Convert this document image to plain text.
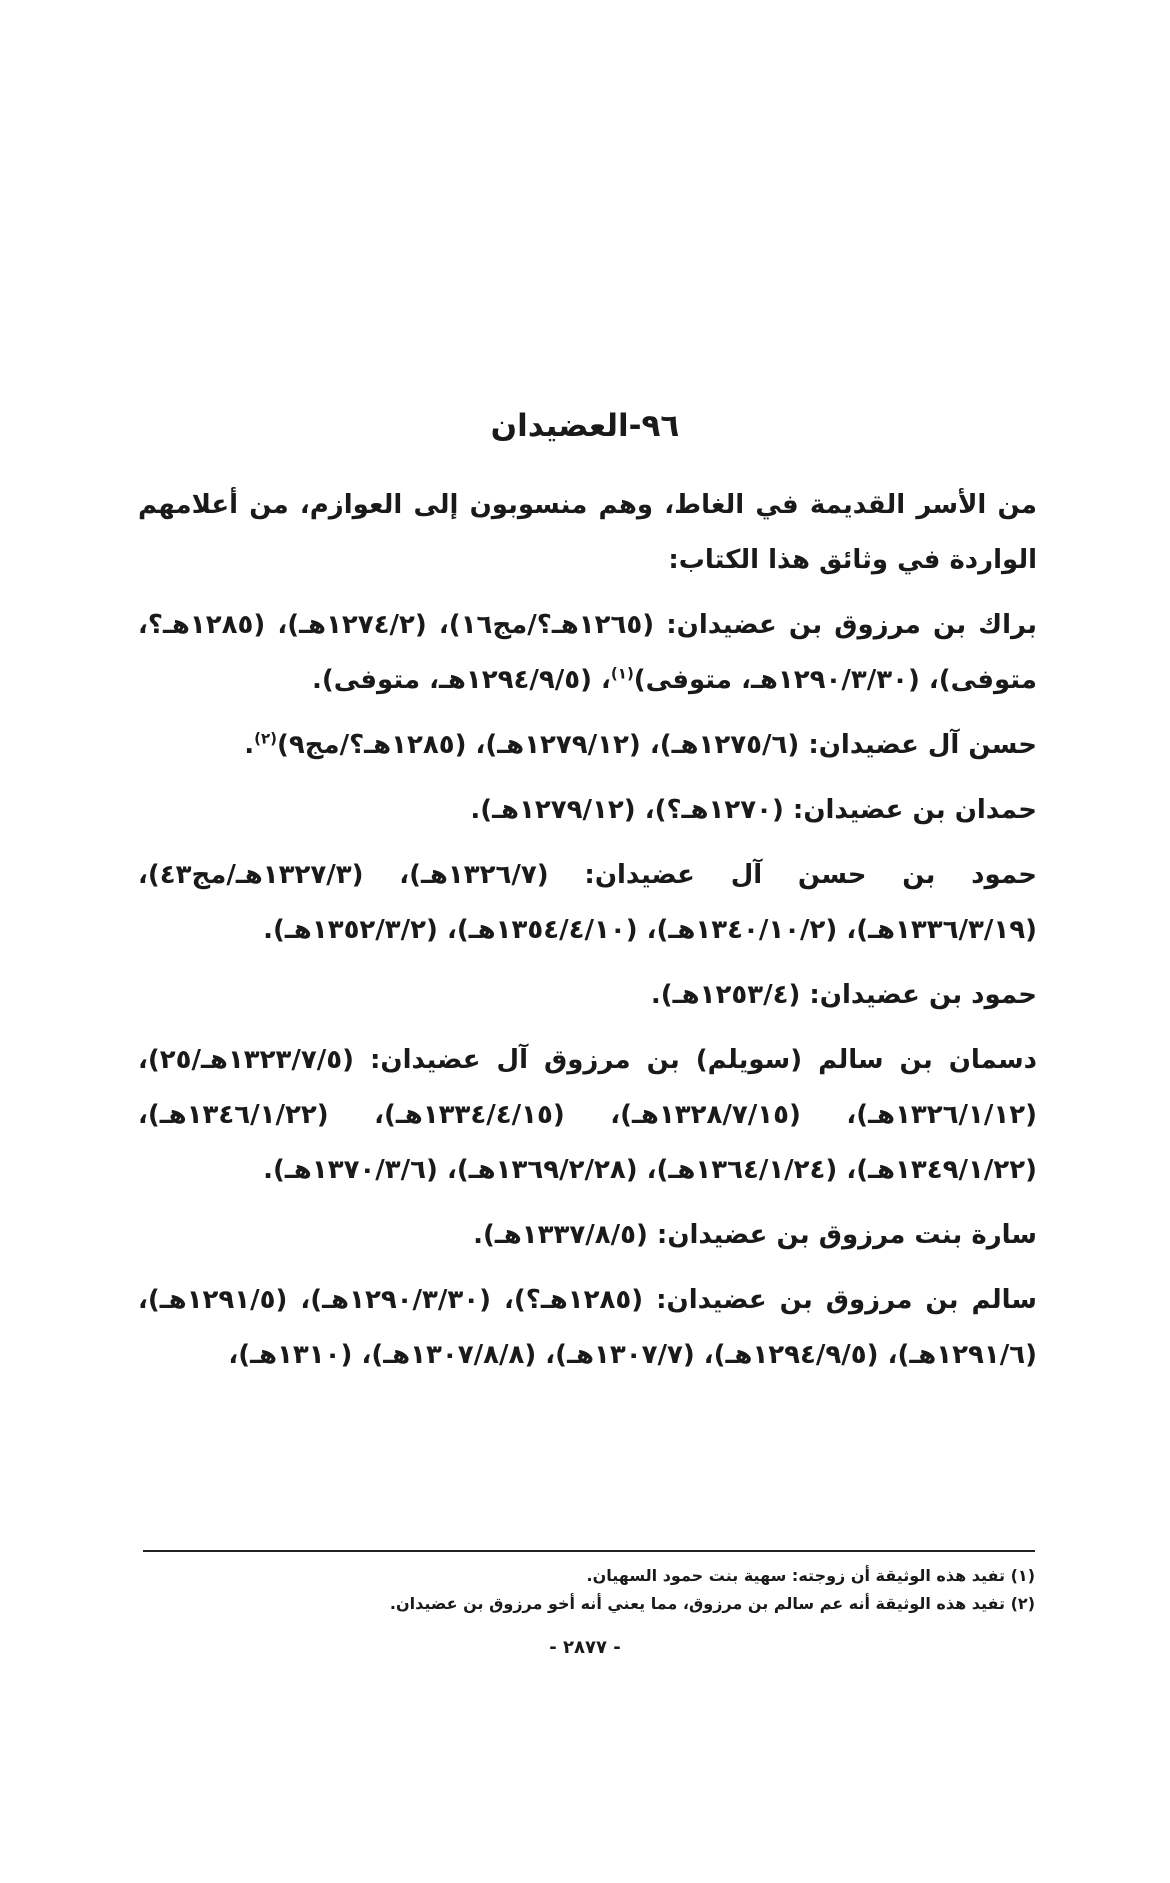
٩٦-العضيدان

من الأسر القديمة في الغاط، وهم منسوبون إلى العوازم، من أعلامهم الواردة في وثائق هذا الكتاب:

براك بن مرزوق بن عضيدان: (١٢٦٥هـ؟/مج١٦)، (١٢٧٤/٢هـ)، (١٢٨٥هـ؟، متوفى)، (١٢٩٠/٣/٣٠هـ، متوفى)$^{(١)}$، (١٢٩٤/٩/٥هـ، متوفى).

حسن آل عضيدان: (١٢٧٥/٦هـ)، (١٢٧٩/١٢هـ)، (١٢٨٥هـ؟/مج٩)$^{(٢)}$.

حمدان بن عضيدان: (١٢٧٠هـ؟)، (١٢٧٩/١٢هـ).

حمود بن حسن آل عضيدان: (١٣٢٦/٧هـ)، (١٣٢٧/٣هـ/مج٤٣)، (١٣٣٦/٣/١٩هـ)، (١٣٤٠/١٠/٢هـ)، (١٣٥٤/٤/١٠هـ)، (١٣٥٢/٣/٢هـ).

حمود بن عضيدان: (١٢٥٣/٤هـ).

دسمان بن سالم (سويلم) بن مرزوق آل عضيدان: (١٣٢٣/٧/٥هـ/٢٥)، (١٣٢٦/١/١٢هـ)، (١٣٢٨/٧/١٥هـ)، (١٣٣٤/٤/١٥هـ)، (١٣٤٦/١/٢٢هـ)، (١٣٤٩/١/٢٢هـ)، (١٣٦٤/١/٢٤هـ)، (١٣٦٩/٢/٢٨هـ)، (١٣٧٠/٣/٦هـ).

سارة بنت مرزوق بن عضيدان: (١٣٣٧/٨/٥هـ).

سالم بن مرزوق بن عضيدان: (١٢٨٥هـ؟)، (١٢٩٠/٣/٣٠هـ)، (١٢٩١/٥هـ)، (١٢٩١/٦هـ)، (١٢٩٤/٩/٥هـ)، (١٣٠٧/٧هـ)، (١٣٠٧/٨/٨هـ)، (١٣١٠هـ)،

(١) تفيد هذه الوثيقة أن زوجته: سهية بنت حمود السهيان.

(٢) تفيد هذه الوثيقة أنه عم سالم بن مرزوق، مما يعني أنه أخو مرزوق بن عضيدان.

- ٢٨٧٧ -
